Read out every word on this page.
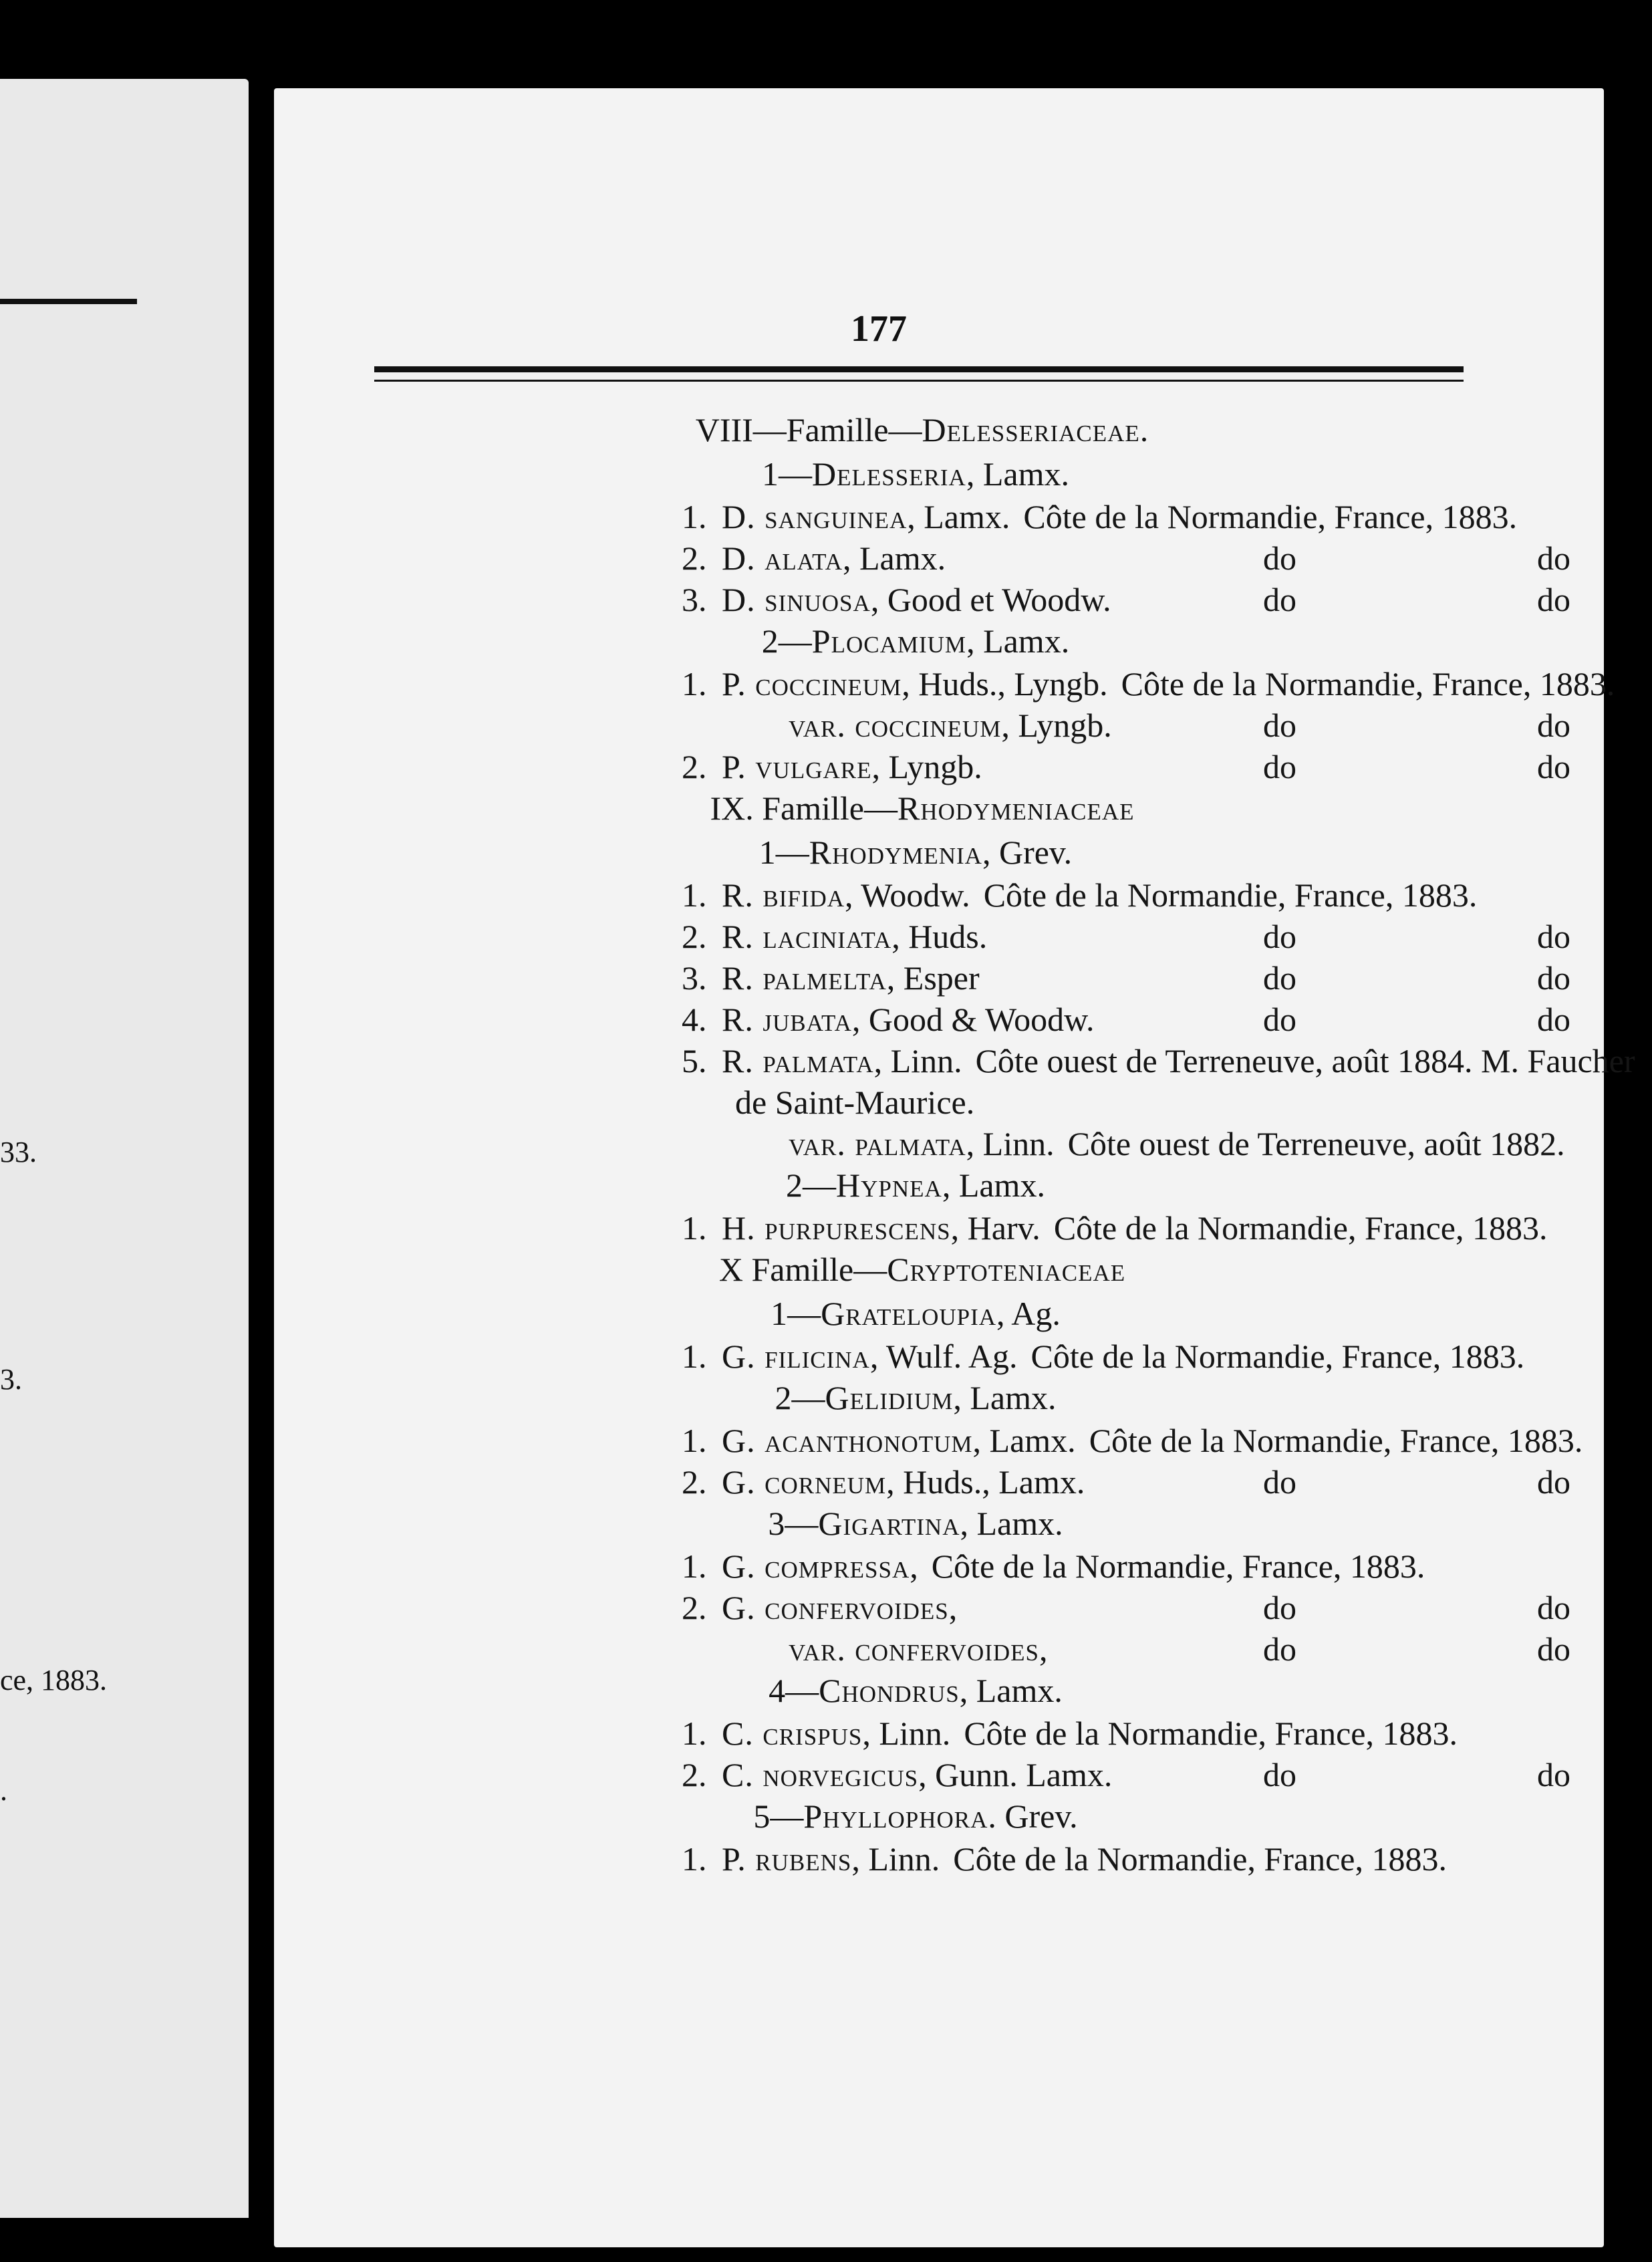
33.
3.
ce, 1883.
.
177
VIII—Famille—Delesseriaceae.
1—Delesseria, Lamx.
1. D. sanguinea, Lamx. Côte de la Normandie, France, 1883.
2. D. alata, Lamx.	do	do
3. D. sinuosa, Good et Woodw.	do	do
2—Plocamium, Lamx.
1. P. coccineum, Huds., Lyngb. Côte de la Normandie, France, 1883.
var. coccineum, Lyngb.	do	do
2. P. vulgare, Lyngb.	do	do
IX. Famille—Rhodymeniaceae
1—Rhodymenia, Grev.
1. R. bifida, Woodw. Côte de la Normandie, France, 1883.
2. R. laciniata, Huds.	do	do
3. R. palmelta, Esper	do	do
4. R. jubata, Good & Woodw.	do	do
5. R. palmata, Linn. Côte ouest de Terreneuve, août 1884. M. Faucher
de Saint-Maurice.
var. palmata, Linn. Côte ouest de Terreneuve, août 1882.
2—Hypnea, Lamx.
1. H. purpurescens, Harv. Côte de la Normandie, France, 1883.
X Famille—Cryptoteniaceae
1—Grateloupia, Ag.
1. G. filicina, Wulf. Ag. Côte de la Normandie, France, 1883.
2—Gelidium, Lamx.
1. G. acanthonotum, Lamx. Côte de la Normandie, France, 1883.
2. G. corneum, Huds., Lamx.	do	do
3—Gigartina, Lamx.
1. G. compressa, Côte de la Normandie, France, 1883.
2. G. confervoides,	do	do
var. confervoides,	do	do
4—Chondrus, Lamx.
1. C. crispus, Linn. Côte de la Normandie, France, 1883.
2. C. norvegicus, Gunn. Lamx.	do	do
5—Phyllophora. Grev.
1. P. rubens, Linn. Côte de la Normandie, France, 1883.
